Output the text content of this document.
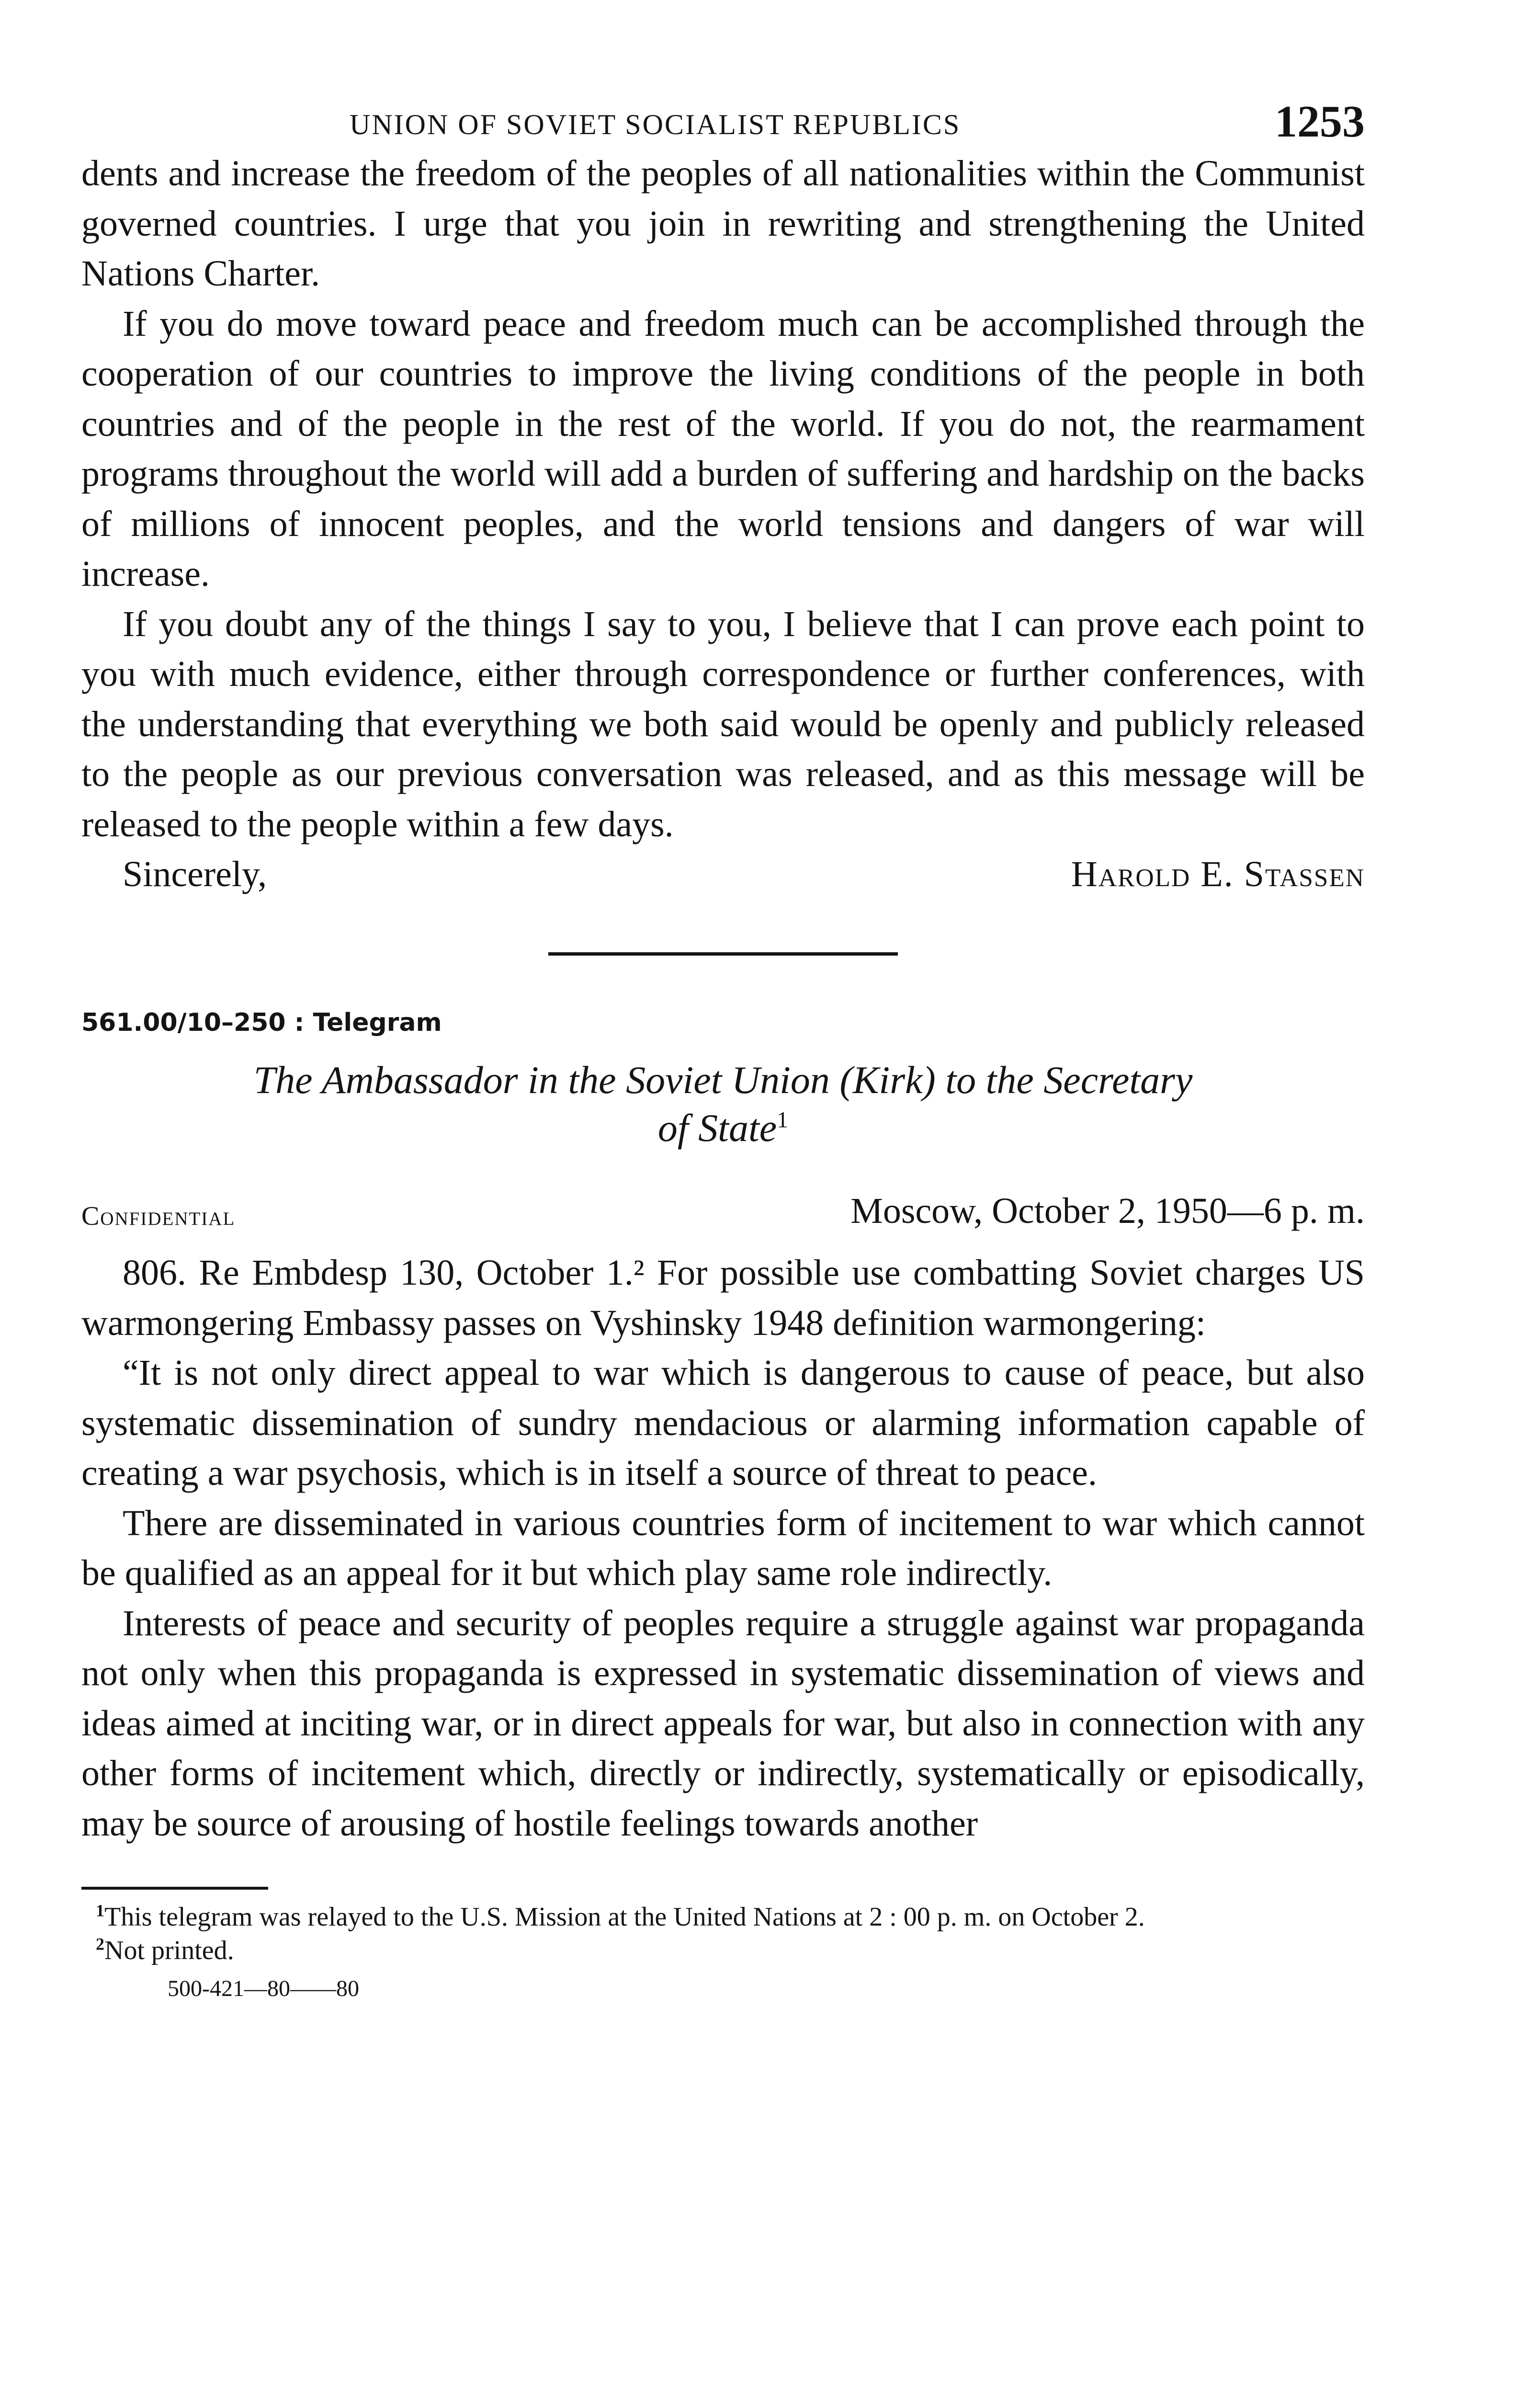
UNION OF SOVIET SOCIALIST REPUBLICS	1253

dents and increase the freedom of the peoples of all nationalities within the Communist governed countries. I urge that you join in rewriting and strengthening the United Nations Charter.

If you do move toward peace and freedom much can be accomplished through the cooperation of our countries to improve the living conditions of the people in both countries and of the people in the rest of the world. If you do not, the rearmament programs throughout the world will add a burden of suffering and hardship on the backs of millions of innocent peoples, and the world tensions and dangers of war will increase.

If you doubt any of the things I say to you, I believe that I can prove each point to you with much evidence, either through correspondence or further conferences, with the understanding that everything we both said would be openly and publicly released to the people as our previous conversation was released, and as this message will be released to the people within a few days.

Sincerely,	Harold E. Stassen
561.00/10–250 : Telegram
The Ambassador in the Soviet Union (Kirk) to the Secretary
of State$^1$
Confidential	Moscow, October 2, 1950—6 p. m.

806. Re Embdesp 130, October 1.² For possible use combatting Soviet charges US warmongering Embassy passes on Vyshinsky 1948 definition warmongering:

“It is not only direct appeal to war which is dangerous to cause of peace, but also systematic dissemination of sundry mendacious or alarming information capable of creating a war psychosis, which is in itself a source of threat to peace.

There are disseminated in various countries form of incitement to war which cannot be qualified as an appeal for it but which play same role indirectly.

Interests of peace and security of peoples require a struggle against war propaganda not only when this propaganda is expressed in systematic dissemination of views and ideas aimed at inciting war, or in direct appeals for war, but also in connection with any other forms of incitement which, directly or indirectly, systematically or episodically, may be source of arousing of hostile feelings towards another

$^1$This telegram was relayed to the U.S. Mission at the United Nations at 2 : 00 p. m. on October 2.

$^2$Not printed.

500-421—80——80
